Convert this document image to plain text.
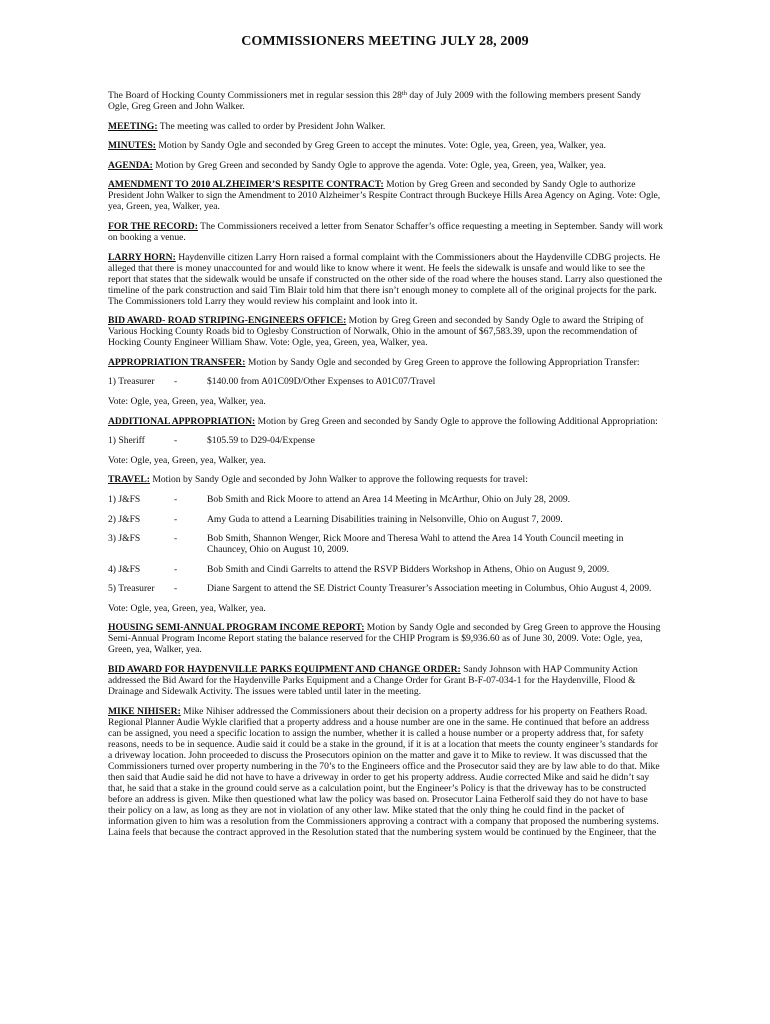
COMMISSIONERS MEETING JULY 28, 2009

The Board of Hocking County Commissioners met in regular session this 28th day of July 2009 with the following members present Sandy Ogle, Greg Green and John Walker.

MEETING: The meeting was called to order by President John Walker.

MINUTES: Motion by Sandy Ogle and seconded by Greg Green to accept the minutes. Vote: Ogle, yea, Green, yea, Walker, yea.

AGENDA: Motion by Greg Green and seconded by Sandy Ogle to approve the agenda. Vote: Ogle, yea, Green, yea, Walker, yea.

AMENDMENT TO 2010 ALZHEIMER’S RESPITE CONTRACT: Motion by Greg Green and seconded by Sandy Ogle to authorize President John Walker to sign the Amendment to 2010 Alzheimer’s Respite Contract through Buckeye Hills Area Agency on Aging. Vote: Ogle, yea, Green, yea, Walker, yea.

FOR THE RECORD: The Commissioners received a letter from Senator Schaffer’s office requesting a meeting in September. Sandy will work on booking a venue.

LARRY HORN: Haydenville citizen Larry Horn raised a formal complaint with the Commissioners about the Haydenville CDBG projects. He alleged that there is money unaccounted for and would like to know where it went. He feels the sidewalk is unsafe and would like to see the report that states that the sidewalk would be unsafe if constructed on the other side of the road where the houses stand. Larry also questioned the timeline of the park construction and said Tim Blair told him that there isn’t enough money to complete all of the original projects for the park. The Commissioners told Larry they would review his complaint and look into it.

BID AWARD- ROAD STRIPING-ENGINEERS OFFICE: Motion by Greg Green and seconded by Sandy Ogle to award the Striping of Various Hocking County Roads bid to Oglesby Construction of Norwalk, Ohio in the amount of $67,583.39, upon the recommendation of Hocking County Engineer William Shaw. Vote: Ogle, yea, Green, yea, Walker, yea.

APPROPRIATION TRANSFER: Motion by Sandy Ogle and seconded by Greg Green to approve the following Appropriation Transfer:

1) Treasurer	-	$140.00 from A01C09D/Other Expenses to A01C07/Travel

Vote: Ogle, yea, Green, yea, Walker, yea.

ADDITIONAL APPROPRIATION: Motion by Greg Green and seconded by Sandy Ogle to approve the following Additional Appropriation:

1) Sheriff	-	$105.59 to D29-04/Expense

Vote: Ogle, yea, Green, yea, Walker, yea.

TRAVEL: Motion by Sandy Ogle and seconded by John Walker to approve the following requests for travel:

1) J&FS	-	Bob Smith and Rick Moore to attend an Area 14 Meeting in McArthur, Ohio on July 28, 2009.
2) J&FS	-	Amy Guda to attend a Learning Disabilities training in Nelsonville, Ohio on August 7, 2009.
3) J&FS	-	Bob Smith, Shannon Wenger, Rick Moore and Theresa Wahl to attend the Area 14 Youth Council meeting in Chauncey, Ohio on August 10, 2009.
4) J&FS	-	Bob Smith and Cindi Garrelts to attend the RSVP Bidders Workshop in Athens, Ohio on August 9, 2009.
5) Treasurer	-	Diane Sargent to attend the SE District County Treasurer’s Association meeting in Columbus, Ohio August 4, 2009.

Vote: Ogle, yea, Green, yea, Walker, yea.

HOUSING SEMI-ANNUAL PROGRAM INCOME REPORT: Motion by Sandy Ogle and seconded by Greg Green to approve the Housing Semi-Annual Program Income Report stating the balance reserved for the CHIP Program is $9,936.60 as of June 30, 2009. Vote: Ogle, yea, Green, yea, Walker, yea.

BID AWARD FOR HAYDENVILLE PARKS EQUIPMENT AND CHANGE ORDER: Sandy Johnson with HAP Community Action addressed the Bid Award for the Haydenville Parks Equipment and a Change Order for Grant B-F-07-034-1 for the Haydenville, Flood & Drainage and Sidewalk Activity. The issues were tabled until later in the meeting.

MIKE NIHISER: Mike Nihiser addressed the Commissioners about their decision on a property address for his property on Feathers Road. Regional Planner Audie Wykle clarified that a property address and a house number are one in the same. He continued that before an address can be assigned, you need a specific location to assign the number, whether it is called a house number or a property address that, for safety reasons, needs to be in sequence. Audie said it could be a stake in the ground, if it is at a location that meets the county engineer’s standards for a driveway location. John proceeded to discuss the Prosecutors opinion on the matter and gave it to Mike to review. It was discussed that the Commissioners turned over property numbering in the 70’s to the Engineers office and the Prosecutor said they are by law able to do that. Mike then said that Audie said he did not have to have a driveway in order to get his property address. Audie corrected Mike and said he didn’t say that, he said that a stake in the ground could serve as a calculation point, but the Engineer’s Policy is that the driveway has to be constructed before an address is given. Mike then questioned what law the policy was based on. Prosecutor Laina Fetherolf said they do not have to base their policy on a law, as long as they are not in violation of any other law. Mike stated that the only thing he could find in the packet of information given to him was a resolution from the Commissioners approving a contract with a company that proposed the numbering systems. Laina feels that because the contract approved in the Resolution stated that the numbering system would be continued by the Engineer, that the
